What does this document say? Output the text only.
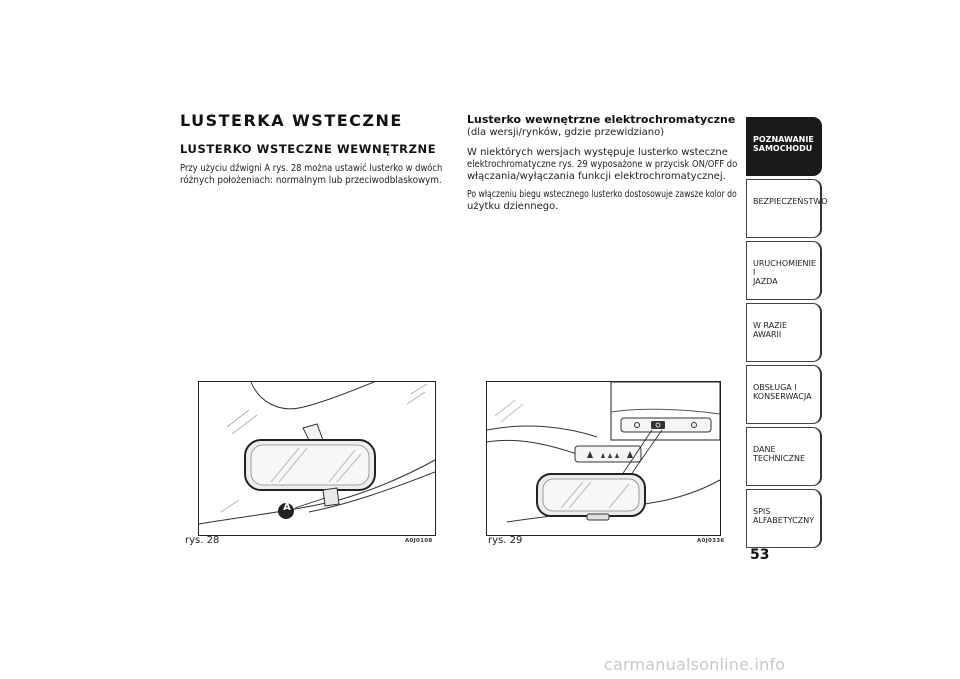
LUSTERKA WSTECZNE
LUSTERKO WSTECZNE WEWNĘTRZNE
Przy użyciu dźwigni A rys. 28 można ustawić lusterko w dwóch
różnych położeniach: normalnym lub przeciwodblaskowym.
Lusterko wewnętrzne elektrochromatyczne
(dla wersji/rynków, gdzie przewidziano)
W niektórych wersjach występuje lusterko wsteczne
elektrochromatyczne rys. 29 wyposażone w przycisk ON/OFF do
włączania/wyłączania funkcji elektrochromatycznej.
Po włączeniu biegu wstecznego lusterko dostosowuje zawsze kolor do
użytku dziennego.
A
rys. 28	A0J0108	rys. 29	A0J0336
POZNAWANIE
SAMOCHODU
BEZPIECZEŃSTWO
URUCHOMIENIE I
JAZDA
W RAZIE AWARII
OBSŁUGA I
KONSERWACJA
DANE TECHNICZNE
SPIS ALFABETYCZNY
53
carmanualsonline.info
